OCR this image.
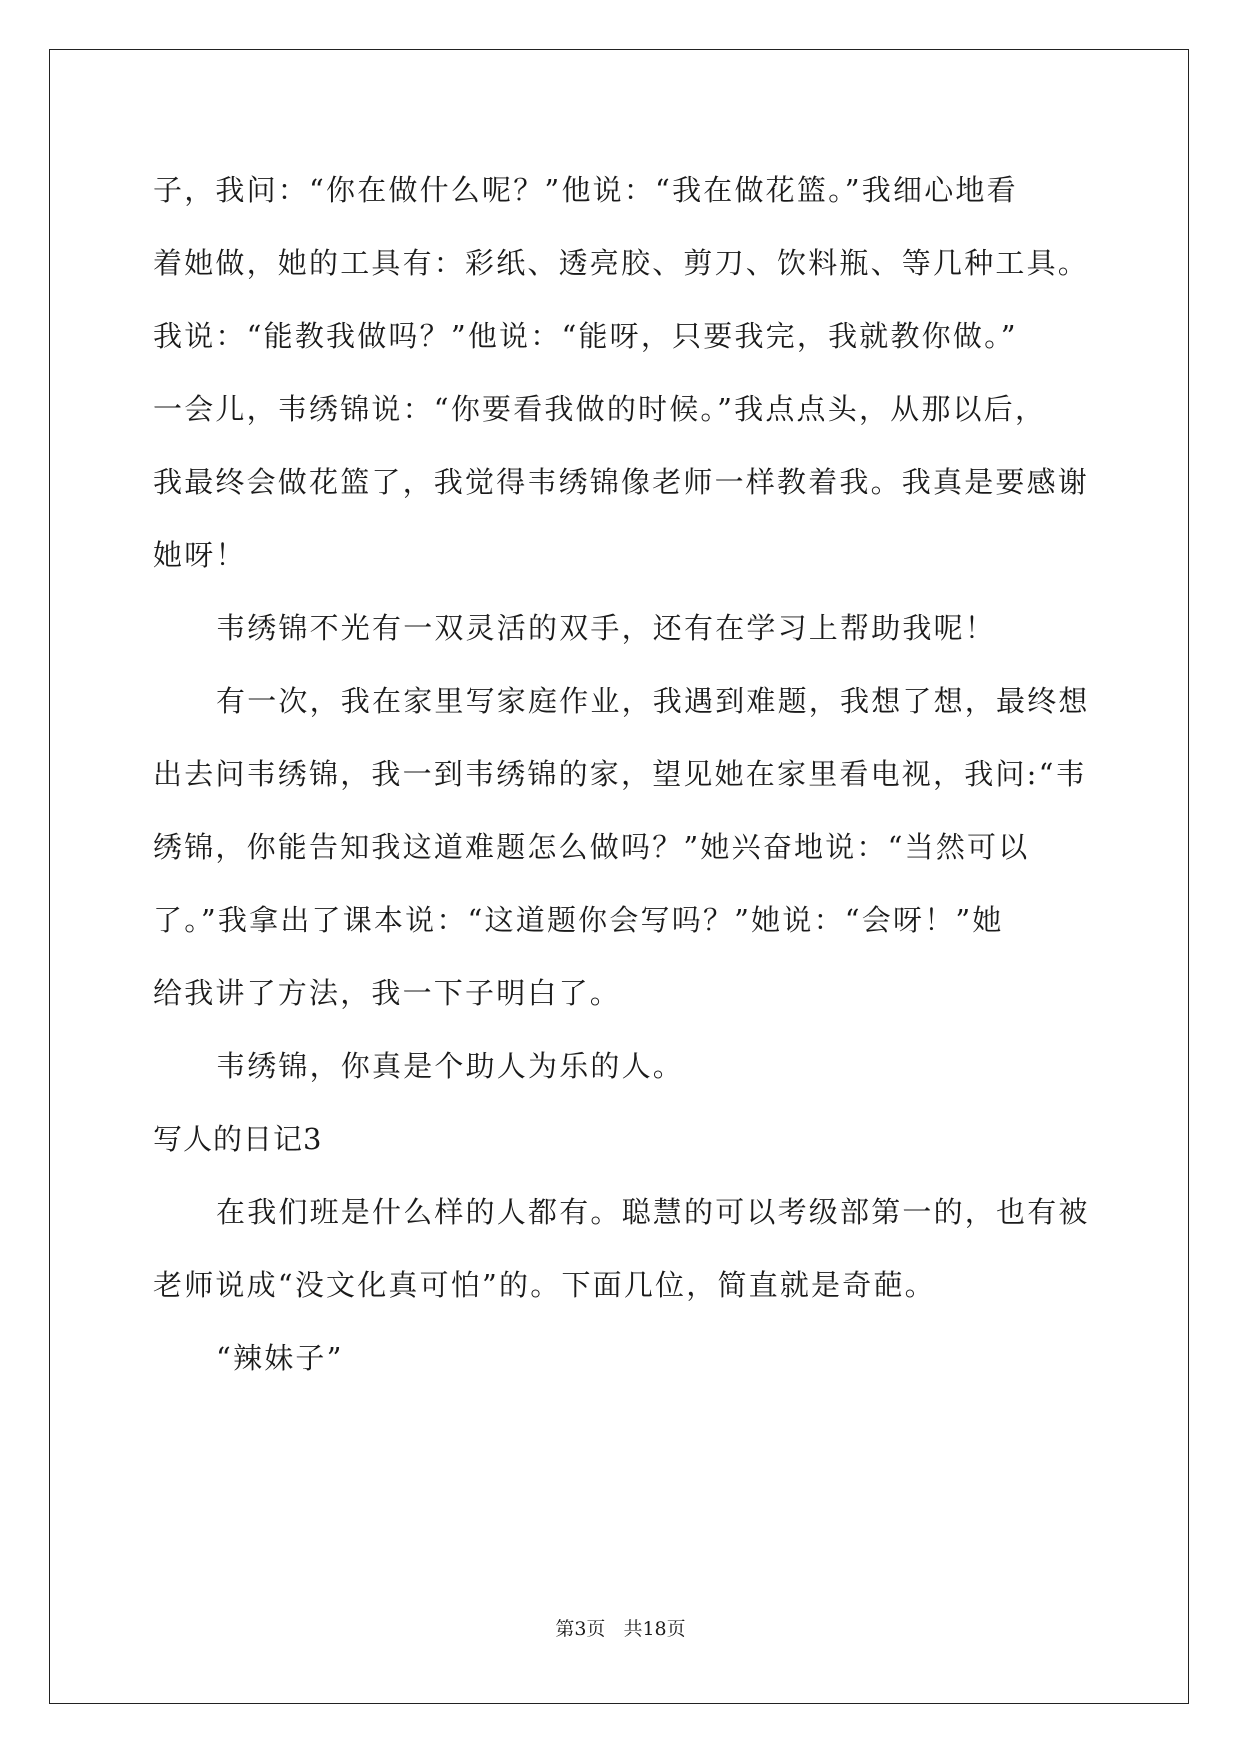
子，我问：“你在做什么呢？”他说：“我在做花篮。”我细心地看
着她做，她的工具有：彩纸、透亮胶、剪刀、饮料瓶、等几种工具。
我说：“能教我做吗？”他说：“能呀，只要我完，我就教你做。”
一会儿，韦绣锦说：“你要看我做的时候。”我点点头，从那以后，
我最终会做花篮了，我觉得韦绣锦像老师一样教着我。我真是要感谢
她呀！
韦绣锦不光有一双灵活的双手，还有在学习上帮助我呢！
有一次，我在家里写家庭作业，我遇到难题，我想了想，最终想
出去问韦绣锦，我一到韦绣锦的家，望见她在家里看电视，我问:“韦
绣锦，你能告知我这道难题怎么做吗？”她兴奋地说：“当然可以
了。”我拿出了课本说：“这道题你会写吗？”她说：“会呀！”她
给我讲了方法，我一下子明白了。
韦绣锦，你真是个助人为乐的人。
写人的日记3
在我们班是什么样的人都有。聪慧的可以考级部第一的，也有被
老师说成“没文化真可怕”的。下面几位，简直就是奇葩。
“辣妹子”
第3页 共18页
